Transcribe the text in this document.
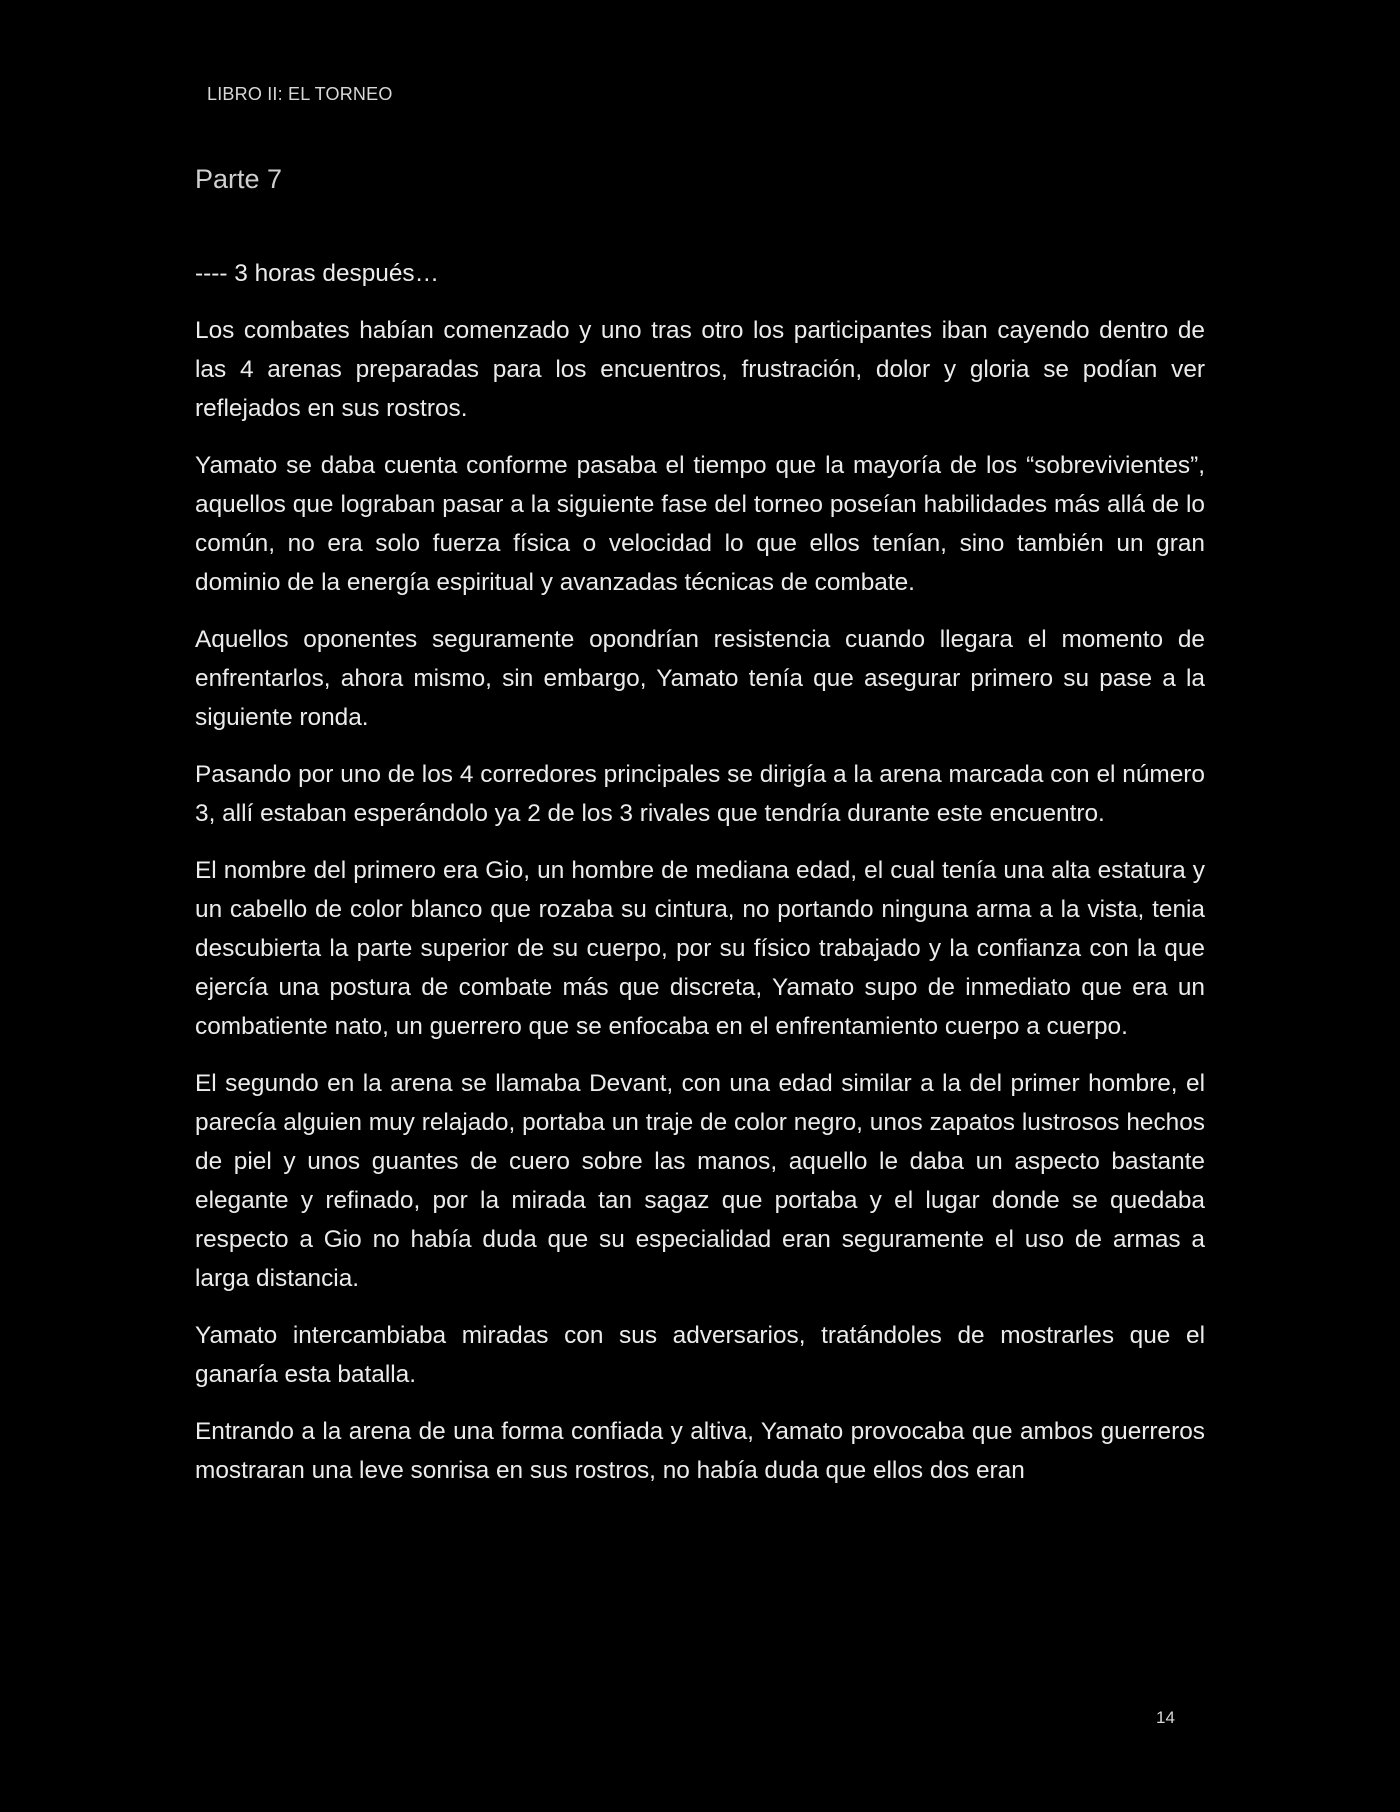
LIBRO II: EL TORNEO
Parte 7

---- 3 horas después…

Los combates habían comenzado y uno tras otro los participantes iban cayendo dentro de las 4 arenas preparadas para los encuentros, frustración, dolor y gloria se podían ver reflejados en sus rostros.

Yamato se daba cuenta conforme pasaba el tiempo que la mayoría de los “sobrevivientes”, aquellos que lograban pasar a la siguiente fase del torneo poseían habilidades más allá de lo común, no era solo fuerza física o velocidad lo que ellos tenían, sino también un gran dominio de la energía espiritual y avanzadas técnicas de combate.

Aquellos oponentes seguramente opondrían resistencia cuando llegara el momento de enfrentarlos, ahora mismo, sin embargo, Yamato tenía que asegurar primero su pase a la siguiente ronda.

Pasando por uno de los 4 corredores principales se dirigía a la arena marcada con el número 3, allí estaban esperándolo ya 2 de los 3 rivales que tendría durante este encuentro.

El nombre del primero era Gio, un hombre de mediana edad, el cual tenía una alta estatura y un cabello de color blanco que rozaba su cintura, no portando ninguna arma a la vista, tenia descubierta la parte superior de su cuerpo, por su físico trabajado y la confianza con la que ejercía una postura de combate más que discreta, Yamato supo de inmediato que era un combatiente nato, un guerrero que se enfocaba en el enfrentamiento cuerpo a cuerpo.

El segundo en la arena se llamaba Devant, con una edad similar a la del primer hombre, el parecía alguien muy relajado, portaba un traje de color negro, unos zapatos lustrosos hechos de piel y unos guantes de cuero sobre las manos, aquello le daba un aspecto bastante elegante y refinado, por la mirada tan sagaz que portaba y el lugar donde se quedaba respecto a Gio no había duda que su especialidad eran seguramente el uso de armas a larga distancia.

Yamato intercambiaba miradas con sus adversarios, tratándoles de mostrarles que el ganaría esta batalla.

Entrando a la arena de una forma confiada y altiva, Yamato provocaba que ambos guerreros mostraran una leve sonrisa en sus rostros, no había duda que ellos dos eran

14
